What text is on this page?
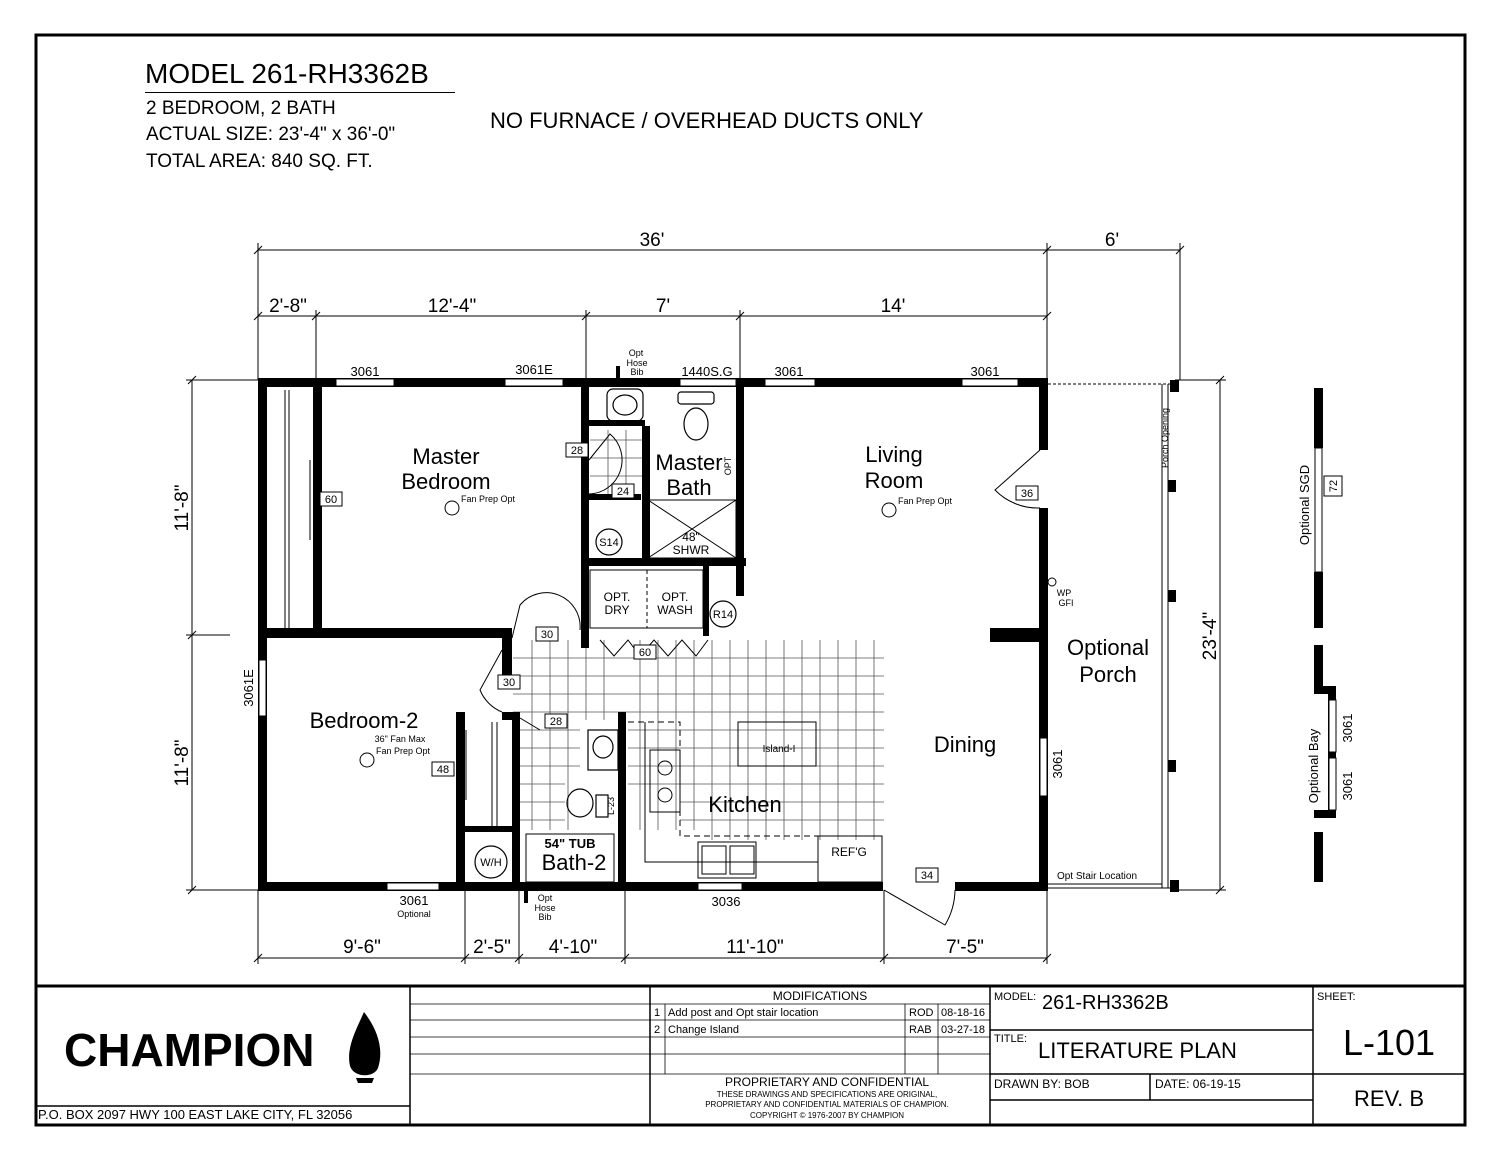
MODEL 261-RH3362B
2 BEDROOM, 2 BATH
ACTUAL SIZE: 23'-4" x 36'-0"
TOTAL AREA: 840 SQ. FT.
NO FURNACE / OVERHEAD DUCTS ONLY
36'	6'
2'-8"	12'-4"	7'	14'
9'-6"	2'-5" 4'-10"	11'-10"	7'-5"
11'-8"
11'-8"
23'-4"
3061	3061E	1440S.G	3061	3061
3061E
3061
3061
Optional
3036
3061
3061
Master
Bedroom
Master
Bath
Living
Room
Bedroom-2
Dining
Kitchen
Bath-2
Optional
Porch
Fan Prep Opt	Fan Prep Opt
36" Fan Max
Fan Prep Opt
Opt
Hose
Bib
Opt
Hose
Bib
48"
SHWR
54" TUB
OPT.
DRY
OPT.
WASH
Island-I
REF'G
W/H
S14
R14
OPT
L-23
WP
GFI
Porch Opening
Opt Stair Location
Optional SGD
Optional Bay
28
24
60	36
30
60
30
28
48
34
72
MODIFICATIONS
1 Add post and Opt stair location	ROD 08-18-16
2 Change Island	RAB 03-27-18
PROPRIETARY AND CONFIDENTIAL
THESE DRAWINGS AND SPECIFICATIONS ARE ORIGINAL,
PROPRIETARY AND CONFIDENTIAL MATERIALS OF CHAMPION.
COPYRIGHT © 1976-2007 BY CHAMPION
MODEL: 261-RH3362B
TITLE: LITERATURE PLAN
DRAWN BY: BOB	DATE: 06-19-15
SHEET:
L-101
REV. B
CHAMPION
P.O. BOX 2097 HWY 100 EAST LAKE CITY, FL 32056
